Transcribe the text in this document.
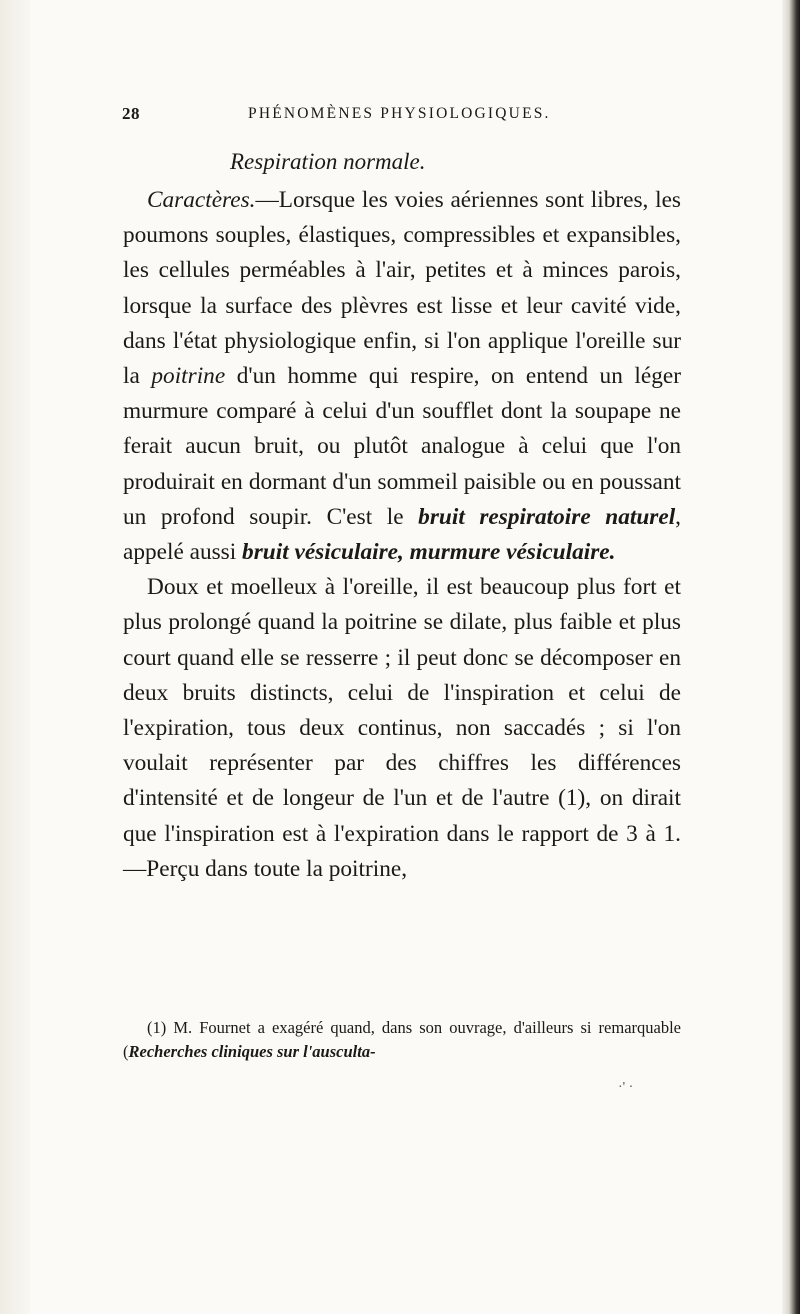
28	PHÉNOMÈNES PHYSIOLOGIQUES.
Respiration normale.

Caractères.—Lorsque les voies aériennes sont libres, les poumons souples, élastiques, compressibles et expansibles, les cellules perméables à l'air, petites et à minces parois, lorsque la surface des plèvres est lisse et leur cavité vide, dans l'état physiologique enfin, si l'on applique l'oreille sur la poitrine d'un homme qui respire, on entend un léger murmure comparé à celui d'un soufflet dont la soupape ne ferait aucun bruit, ou plutôt analogue à celui que l'on produirait en dormant d'un sommeil paisible ou en poussant un profond soupir. C'est le bruit respiratoire naturel, appelé aussi bruit vésiculaire, murmure vésiculaire.

Doux et moelleux à l'oreille, il est beaucoup plus fort et plus prolongé quand la poitrine se dilate, plus faible et plus court quand elle se resserre ; il peut donc se décomposer en deux bruits distincts, celui de l'inspiration et celui de l'expiration, tous deux continus, non saccadés ; si l'on voulait représenter par des chiffres les différences d'intensité et de longeur de l'un et de l'autre (1), on dirait que l'inspiration est à l'expiration dans le rapport de 3 à 1.—Perçu dans toute la poitrine,

(1) M. Fournet a exagéré quand, dans son ouvrage, d'ailleurs si remarquable (Recherches cliniques sur l'ausculta-

·' ·
